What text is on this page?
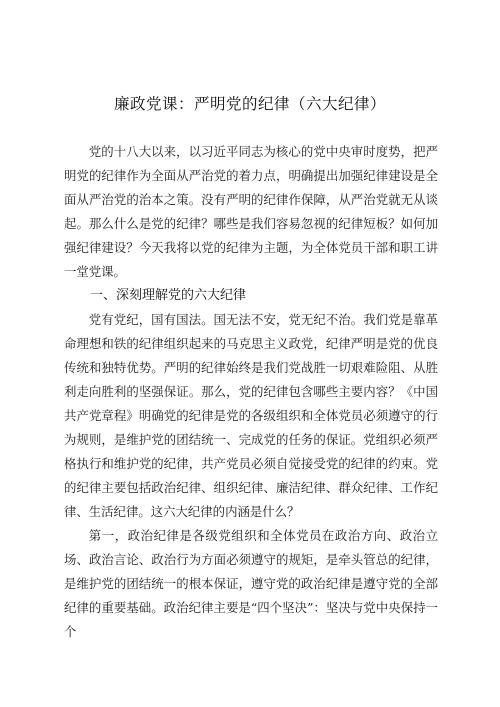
廉政党课：严明党的纪律（六大纪律）

党的十八大以来，以习近平同志为核心的党中央审时度势，把严明党的纪律作为全面从严治党的着力点，明确提出加强纪律建设是全面从严治党的治本之策。没有严明的纪律作保障，从严治党就无从谈起。那么什么是党的纪律？哪些是我们容易忽视的纪律短板？如何加强纪律建设？今天我将以党的纪律为主题，为全体党员干部和职工讲一堂党课。

一、深刻理解党的六大纪律

党有党纪，国有国法。国无法不安，党无纪不治。我们党是靠革命理想和铁的纪律组织起来的马克思主义政党，纪律严明是党的优良传统和独特优势。严明的纪律始终是我们党战胜一切艰难险阻、从胜利走向胜利的坚强保证。那么，党的纪律包含哪些主要内容？《中国共产党章程》明确党的纪律是党的各级组织和全体党员必须遵守的行为规则，是维护党的团结统一、完成党的任务的保证。党组织必须严格执行和维护党的纪律，共产党员必须自觉接受党的纪律的约束。党的纪律主要包括政治纪律、组织纪律、廉洁纪律、群众纪律、工作纪律、生活纪律。这六大纪律的内涵是什么？

第一，政治纪律是各级党组织和全体党员在政治方向、政治立场、政治言论、政治行为方面必须遵守的规矩，是牵头管总的纪律，是维护党的团结统一的根本保证，遵守党的政治纪律是遵守党的全部纪律的重要基础。政治纪律主要是“四个坚决”：坚决与党中央保持一个
